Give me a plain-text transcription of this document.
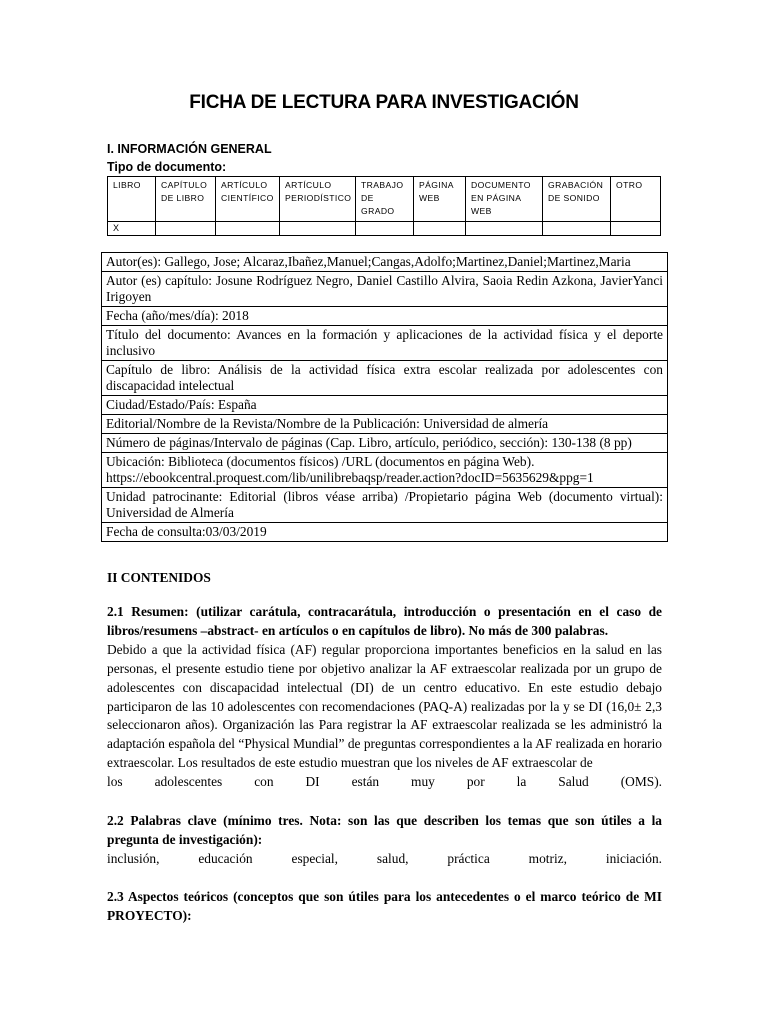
FICHA DE LECTURA PARA INVESTIGACIÓN
I. INFORMACIÓN GENERAL
Tipo de documento:
LIBRO	CAPÍTULO DE LIBRO	ARTÍCULO CIENTÍFICO	ARTÍCULO PERIODÍSTICO	TRABAJO DE GRADO	PÁGINA WEB	DOCUMENTO EN PÁGINA WEB	GRABACIÓN DE SONIDO	OTRO
X								
Autor(es): Gallego, Jose; Alcaraz,Ibañez,Manuel;Cangas,Adolfo;Martinez,Daniel;Martinez,Maria
Autor (es) capítulo: Josune Rodríguez Negro, Daniel Castillo Alvira, Saoia Redin Azkona, JavierYanci Irigoyen
Fecha (año/mes/día): 2018
Título del documento: Avances en la formación y aplicaciones de la actividad física y el deporte inclusivo
Capítulo de libro: Análisis de la actividad física extra escolar realizada por adolescentes con discapacidad intelectual
Ciudad/Estado/País: España
Editorial/Nombre de la Revista/Nombre de la Publicación: Universidad de almería
Número de páginas/Intervalo de páginas (Cap. Libro, artículo, periódico, sección): 130-138 (8 pp)
Ubicación: Biblioteca (documentos físicos) /URL (documentos en página Web). https://ebookcentral.proquest.com/lib/unilibrebaqsp/reader.action?docID=5635629&ppg=1
Unidad patrocinante: Editorial (libros véase arriba) /Propietario página Web (documento virtual): Universidad de Almería
Fecha de consulta:03/03/2019
II CONTENIDOS
2.1 Resumen: (utilizar carátula, contracarátula, introducción o presentación en el caso de libros/resumens –abstract- en artículos o en capítulos de libro). No más de 300 palabras.
Debido a que la actividad física (AF) regular proporciona importantes beneficios en la salud en las personas, el presente estudio tiene por objetivo analizar la AF extraescolar realizada por un grupo de adolescentes con discapacidad intelectual (DI) de un centro educativo. En este estudio debajo participaron de las 10 adolescentes con recomendaciones (PAQ-A) realizadas por la y se DI (16,0± 2,3 seleccionaron años). Organización las Para registrar la AF extraescolar realizada se les administró la adaptación española del “Physical Mundial” de preguntas correspondientes a la AF realizada en horario extraescolar. Los resultados de este estudio muestran que los niveles de AF extraescolar de
los adolescentes con DI están muy por la Salud (OMS).
2.2 Palabras clave (mínimo tres. Nota: son las que describen los temas que son útiles a la pregunta de investigación):
inclusión, educación especial, salud, práctica motriz, iniciación.
2.3 Aspectos teóricos (conceptos que son útiles para los antecedentes o el marco teórico de MI PROYECTO):
